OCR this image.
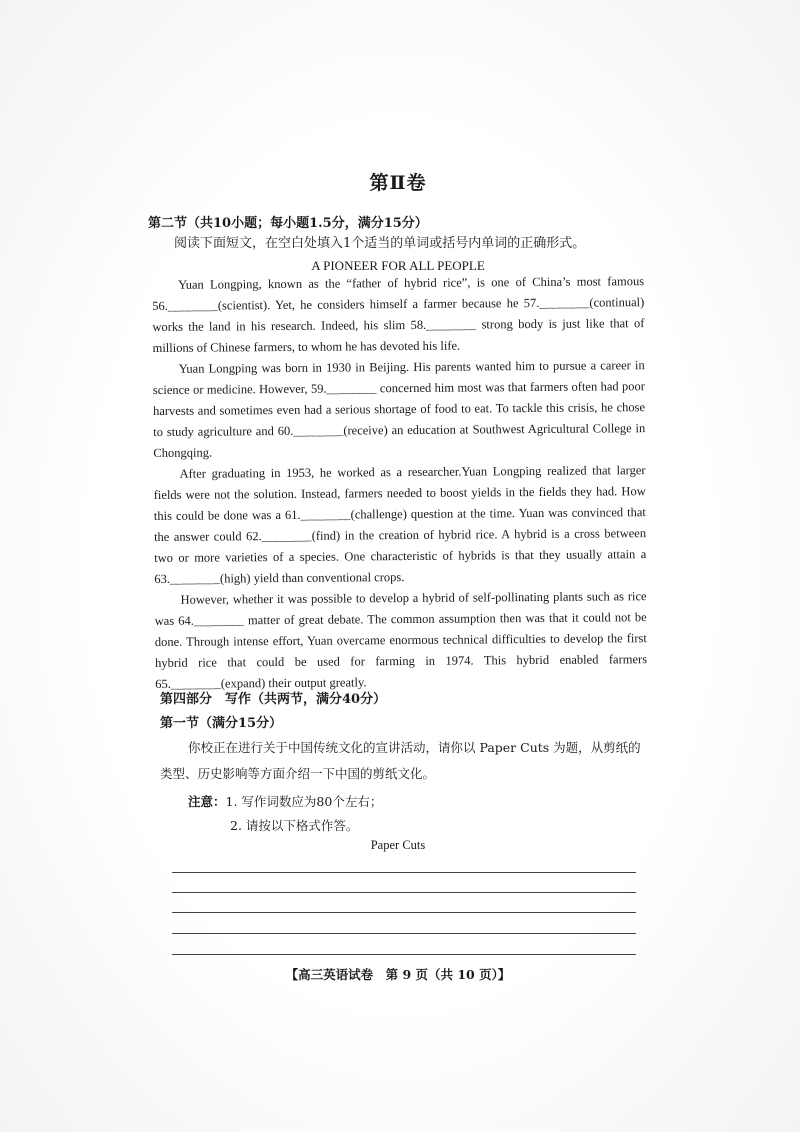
第Ⅱ卷
第二节（共10小题；每小题1.5分，满分15分）
阅读下面短文，在空白处填入1个适当的单词或括号内单词的正确形式。
A PIONEER FOR ALL PEOPLE

Yuan Longping, known as the “father of hybrid rice”, is one of China’s most famous 56.________(scientist). Yet, he considers himself a farmer because he 57.________(continual) works the land in his research. Indeed, his slim 58.________ strong body is just like that of millions of Chinese farmers, to whom he has devoted his life.

Yuan Longping was born in 1930 in Beijing. His parents wanted him to pursue a career in science or medicine. However, 59.________ concerned him most was that farmers often had poor harvests and sometimes even had a serious shortage of food to eat. To tackle this crisis, he chose to study agriculture and 60.________(receive) an education at Southwest Agricultural College in Chongqing.

After graduating in 1953, he worked as a researcher.Yuan Longping realized that larger fields were not the solution. Instead, farmers needed to boost yields in the fields they had. How this could be done was a 61.________(challenge) question at the time. Yuan was convinced that the answer could 62.________(find) in the creation of hybrid rice. A hybrid is a cross between two or more varieties of a species. One characteristic of hybrids is that they usually attain a 63.________(high) yield than conventional crops.

However, whether it was possible to develop a hybrid of self-pollinating plants such as rice was 64.________ matter of great debate. The common assumption then was that it could not be done. Through intense effort, Yuan overcame enormous technical difficulties to develop the first hybrid rice that could be used for farming in 1974. This hybrid enabled farmers 65.________(expand) their output greatly.

第四部分　写作（共两节，满分40分）
第一节（满分15分）
你校正在进行关于中国传统文化的宣讲活动，请你以 Paper Cuts 为题，从剪纸的类型、历史影响等方面介绍一下中国的剪纸文化。
注意：1. 写作词数应为80个左右；
2. 请按以下格式作答。
Paper Cuts
【高三英语试卷　第 9 页（共 10 页）】
